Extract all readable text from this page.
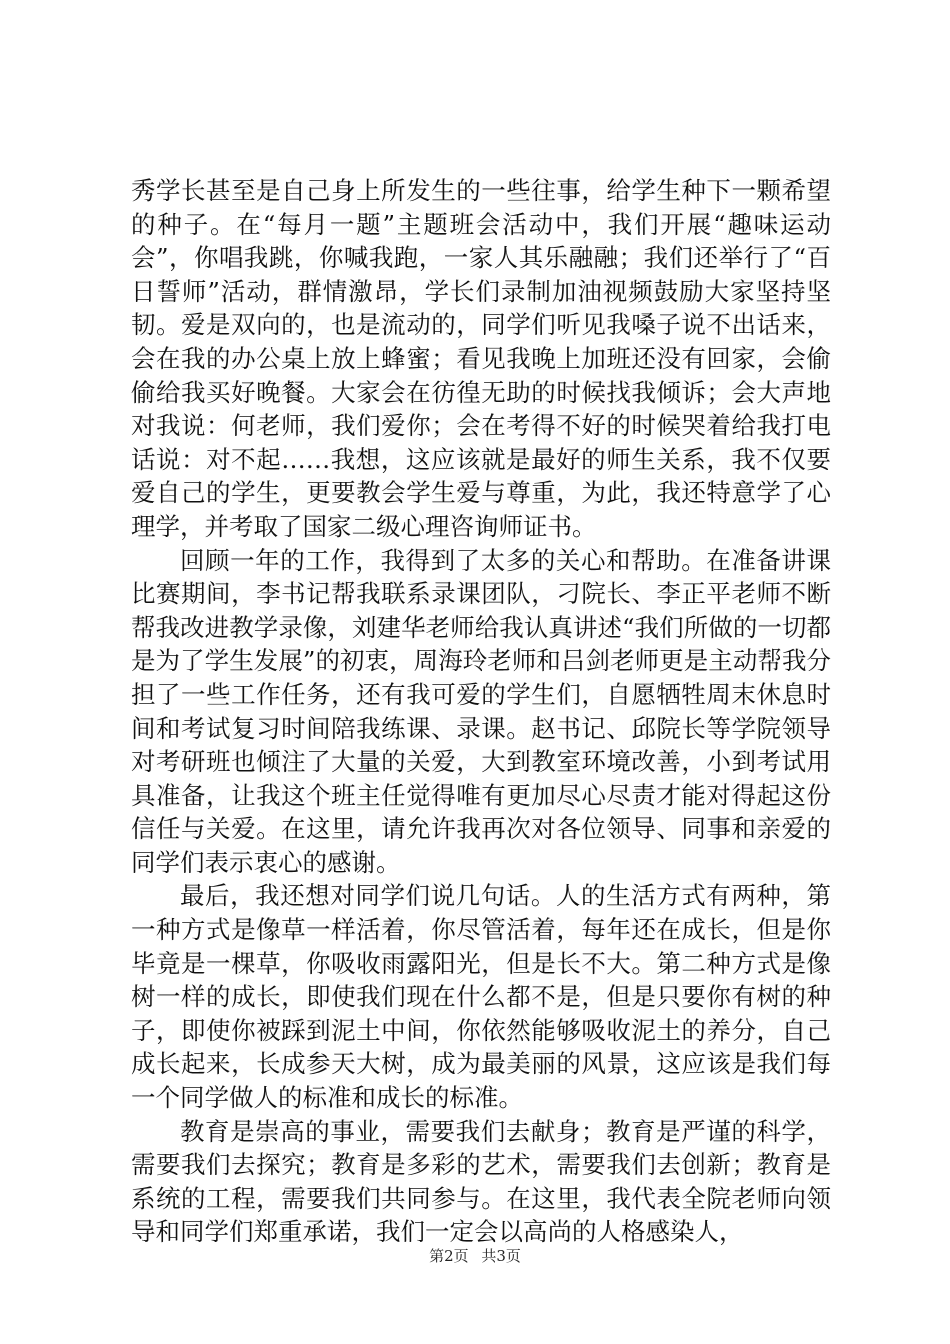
秀学长甚至是自己身上所发生的一些往事，给学生种下一颗希望的种子。在“每月一题”主题班会活动中，我们开展“趣味运动会”，你唱我跳，你喊我跑，一家人其乐融融；我们还举行了“百日誓师”活动，群情激昂，学长们录制加油视频鼓励大家坚持坚韧。爱是双向的，也是流动的，同学们听见我嗓子说不出话来，会在我的办公桌上放上蜂蜜；看见我晚上加班还没有回家，会偷偷给我买好晚餐。大家会在彷徨无助的时候找我倾诉；会大声地对我说：何老师，我们爱你；会在考得不好的时候哭着给我打电话说：对不起……我想，这应该就是最好的师生关系，我不仅要爱自己的学生，更要教会学生爱与尊重，为此，我还特意学了心理学，并考取了国家二级心理咨询师证书。

回顾一年的工作，我得到了太多的关心和帮助。在准备讲课比赛期间，李书记帮我联系录课团队，刁院长、李正平老师不断帮我改进教学录像，刘建华老师给我认真讲述“我们所做的一切都是为了学生发展”的初衷，周海玲老师和吕剑老师更是主动帮我分担了一些工作任务，还有我可爱的学生们，自愿牺牲周末休息时间和考试复习时间陪我练课、录课。赵书记、邱院长等学院领导对考研班也倾注了大量的关爱，大到教室环境改善，小到考试用具准备，让我这个班主任觉得唯有更加尽心尽责才能对得起这份信任与关爱。在这里，请允许我再次对各位领导、同事和亲爱的同学们表示衷心的感谢。

最后，我还想对同学们说几句话。人的生活方式有两种，第一种方式是像草一样活着，你尽管活着，每年还在成长，但是你毕竟是一棵草，你吸收雨露阳光，但是长不大。第二种方式是像树一样的成长，即使我们现在什么都不是，但是只要你有树的种子，即使你被踩到泥土中间，你依然能够吸收泥土的养分，自己成长起来，长成参天大树，成为最美丽的风景，这应该是我们每一个同学做人的标准和成长的标准。

教育是崇高的事业，需要我们去献身；教育是严谨的科学，需要我们去探究；教育是多彩的艺术，需要我们去创新；教育是系统的工程，需要我们共同参与。在这里，我代表全院老师向领导和同学们郑重承诺，我们一定会以高尚的人格感染人，

第2页 共3页
